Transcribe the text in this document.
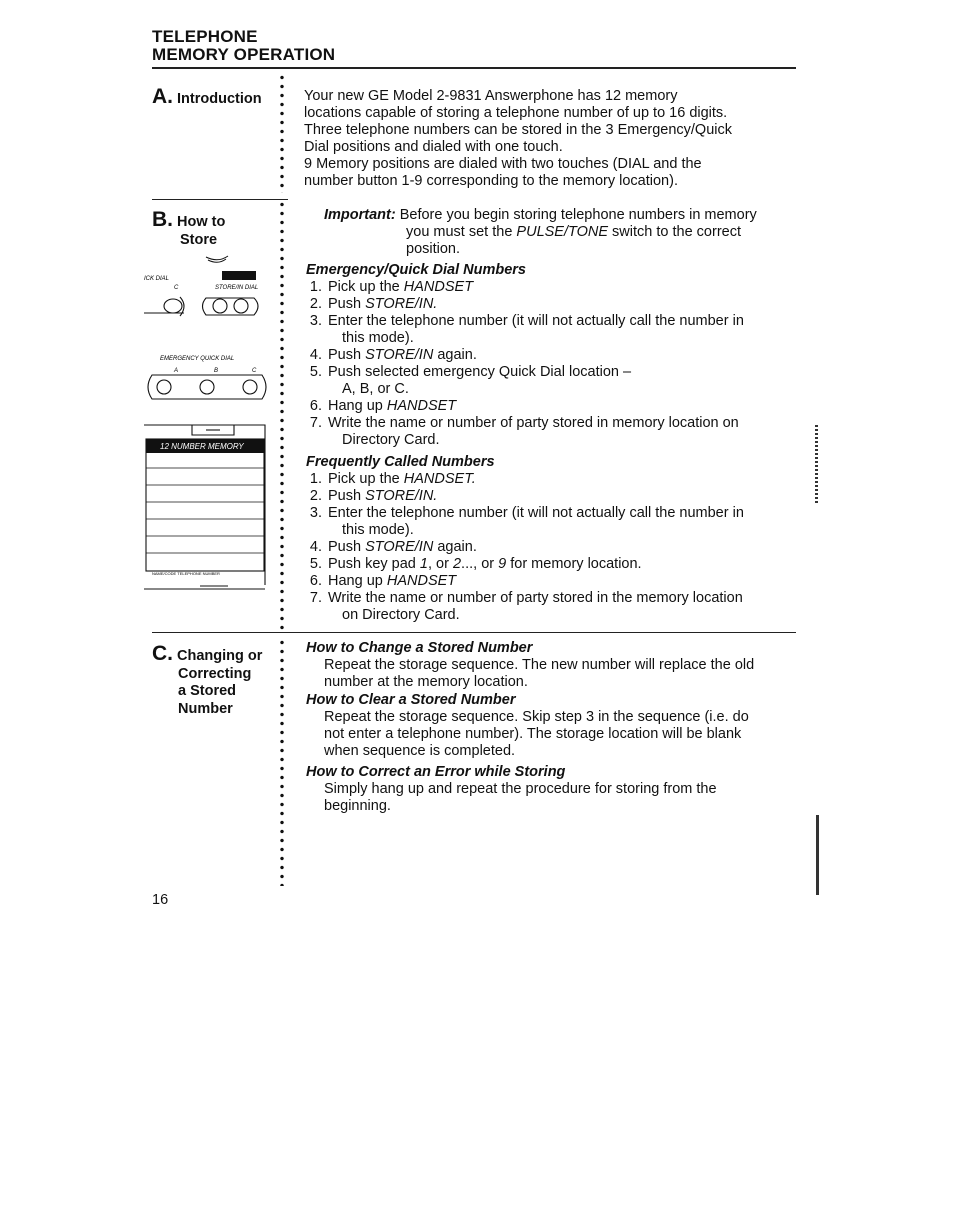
TELEPHONE
MEMORY OPERATION
A. Introduction	Your new GE Model 2-9831 Answerphone has 12 memory
locations capable of storing a telephone number of up to 16 digits.
Three telephone numbers can be stored in the 3 Emergency/Quick
Dial positions and dialed with one touch.
9 Memory positions are dialed with two touches (DIAL and the
number button 1-9 corresponding to the memory location).
B. How to
Store
ICK DIAL
C	STORE/IN DIAL
EMERGENCY QUICK DIAL
A	B	C
12 NUMBER MEMORY
NAME/CODE TELEPHONE NUMBER
Important: Before you begin storing telephone numbers in memory
you must set the PULSE/TONE switch to the correct
position.
Emergency/Quick Dial Numbers
1. Pick up the HANDSET
2. Push STORE/IN.
3. Enter the telephone number (it will not actually call the number in
this mode).
4. Push STORE/IN again.
5. Push selected emergency Quick Dial location –
A, B, or C.
6. Hang up HANDSET
7. Write the name or number of party stored in memory location on
Directory Card.
Frequently Called Numbers
1. Pick up the HANDSET.
2. Push STORE/IN.
3. Enter the telephone number (it will not actually call the number in
this mode).
4. Push STORE/IN again.
5. Push key pad 1, or 2..., or 9 for memory location.
6. Hang up HANDSET
7. Write the name or number of party stored in the memory location
on Directory Card.
C. Changing or
Correcting
a Stored
Number
How to Change a Stored Number
Repeat the storage sequence. The new number will replace the old
number at the memory location.
How to Clear a Stored Number
Repeat the storage sequence. Skip step 3 in the sequence (i.e. do
not enter a telephone number). The storage location will be blank
when sequence is completed.
How to Correct an Error while Storing
Simply hang up and repeat the procedure for storing from the
beginning.
16
